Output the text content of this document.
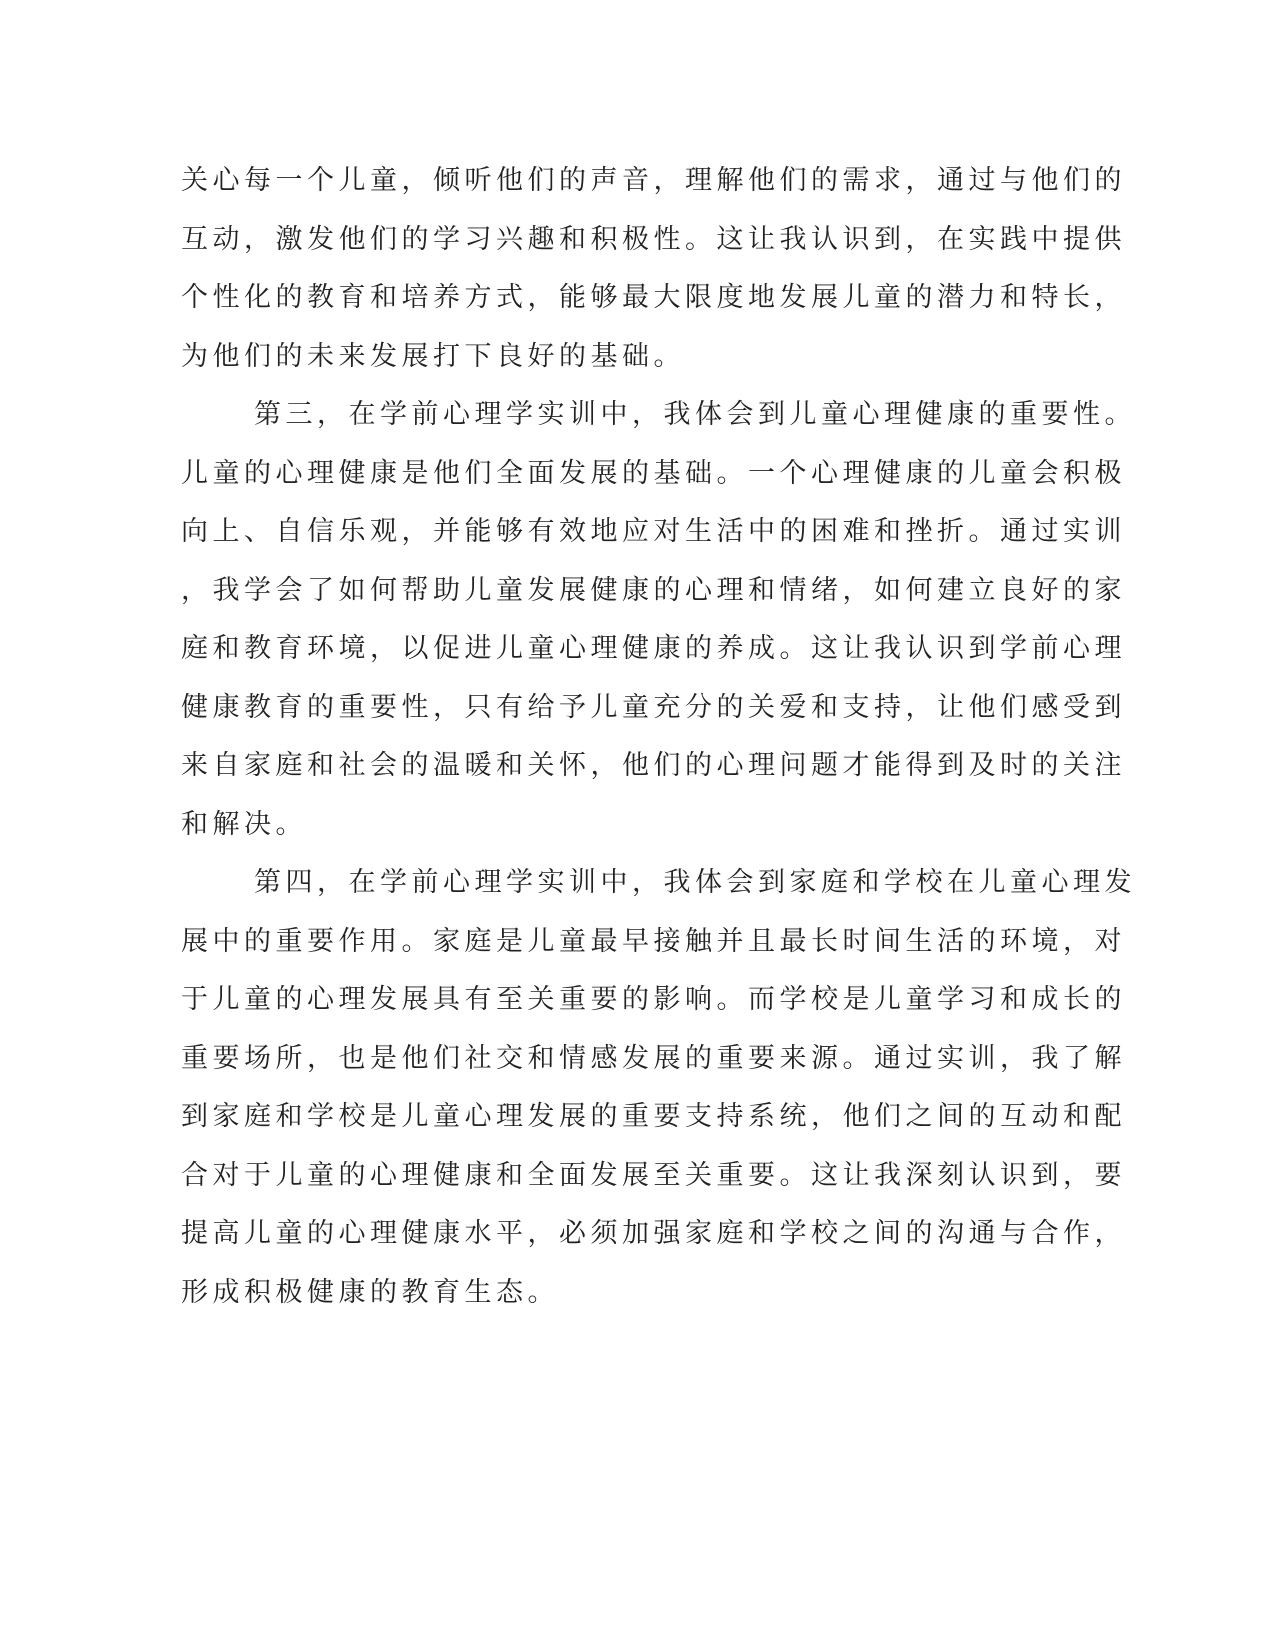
关心每一个儿童，倾听他们的声音，理解他们的需求，通过与他们的
互动，激发他们的学习兴趣和积极性。这让我认识到，在实践中提供
个性化的教育和培养方式，能够最大限度地发展儿童的潜力和特长，
为他们的未来发展打下良好的基础。
第三，在学前心理学实训中，我体会到儿童心理健康的重要性。
儿童的心理健康是他们全面发展的基础。一个心理健康的儿童会积极
向上、自信乐观，并能够有效地应对生活中的困难和挫折。通过实训
，我学会了如何帮助儿童发展健康的心理和情绪，如何建立良好的家
庭和教育环境，以促进儿童心理健康的养成。这让我认识到学前心理
健康教育的重要性，只有给予儿童充分的关爱和支持，让他们感受到
来自家庭和社会的温暖和关怀，他们的心理问题才能得到及时的关注
和解决。
第四，在学前心理学实训中，我体会到家庭和学校在儿童心理发
展中的重要作用。家庭是儿童最早接触并且最长时间生活的环境，对
于儿童的心理发展具有至关重要的影响。而学校是儿童学习和成长的
重要场所，也是他们社交和情感发展的重要来源。通过实训，我了解
到家庭和学校是儿童心理发展的重要支持系统，他们之间的互动和配
合对于儿童的心理健康和全面发展至关重要。这让我深刻认识到，要
提高儿童的心理健康水平，必须加强家庭和学校之间的沟通与合作，
形成积极健康的教育生态。
